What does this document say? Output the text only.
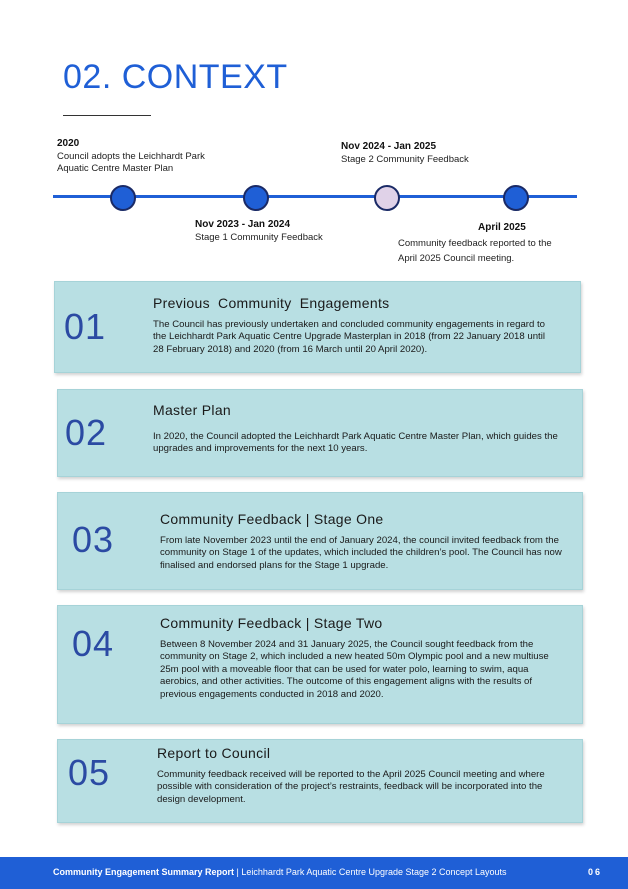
02. CONTEXT
2020
Council adopts the Leichhardt Park Aquatic Centre Master Plan
Nov 2023 - Jan 2024
Stage 1 Community Feedback
Nov 2024 - Jan 2025
Stage 2 Community Feedback
April 2025
Community feedback reported to the April 2025 Council meeting.
01
Previous Community Engagements
The Council has previously undertaken and concluded community engagements in regard to the Leichhardt Park Aquatic Centre Upgrade Masterplan in 2018 (from 22 January 2018 until 28 February 2018) and 2020 (from 16 March until 20 April 2020).
02
Master Plan
In 2020, the Council adopted the Leichhardt Park Aquatic Centre Master Plan, which guides the upgrades and improvements for the next 10 years.
03	Community Feedback | Stage One
From late November 2023 until the end of January 2024, the council invited feedback from the community on Stage 1 of the updates, which included the children’s pool. The Council has now finalised and endorsed plans for the Stage 1 upgrade.
04	Community Feedback | Stage Two
Between 8 November 2024 and 31 January 2025, the Council sought feedback from the community on Stage 2, which included a new heated 50m Olympic pool and a new multiuse 25m pool with a moveable floor that can be used for water polo, learning to swim, aqua aerobics, and other activities. The outcome of this engagement aligns with the results of previous engagements conducted in 2018 and 2020.
05	Report to Council
Community feedback received will be reported to the April 2025 Council meeting and where possible with consideration of the project’s restraints, feedback will be incorporated into the design development.
Community Engagement Summary Report | Leichhardt Park Aquatic Centre Upgrade Stage 2 Concept Layouts	06
